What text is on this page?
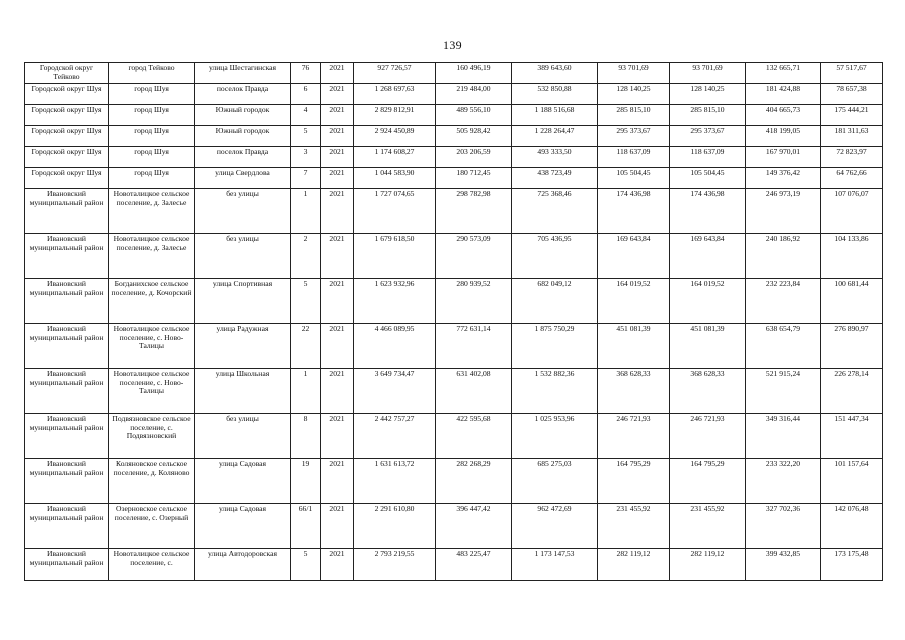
139
Городской округ Тейково	город Тейково	улица Шестагинская	76	2021	927 726,57	160 496,19	389 643,60	93 701,69	93 701,69	132 665,71	57 517,67
Городской округ Шуя	город Шуя	поселок Правда	6	2021	1 268 697,63	219 484,00	532 850,88	128 140,25	128 140,25	181 424,88	78 657,38
Городской округ Шуя	город Шуя	Южный городок	4	2021	2 829 812,91	489 556,10	1 188 516,68	285 815,10	285 815,10	404 665,73	175 444,21
Городской округ Шуя	город Шуя	Южный городок	5	2021	2 924 450,89	505 928,42	1 228 264,47	295 373,67	295 373,67	418 199,05	181 311,63
Городской округ Шуя	город Шуя	поселок Правда	3	2021	1 174 608,27	203 206,59	493 333,50	118 637,09	118 637,09	167 970,01	72 823,97
Городской округ Шуя	город Шуя	улица Свердлова	7	2021	1 044 583,90	180 712,45	438 723,49	105 504,45	105 504,45	149 376,42	64 762,66
Ивановский муниципальный район	Новоталицкое сельское поселение, д. Залесье	без улицы	1	2021	1 727 074,65	298 782,98	725 368,46	174 436,98	174 436,98	246 973,19	107 076,07
Ивановский муниципальный район	Новоталицкое сельское поселение, д. Залесье	без улицы	2	2021	1 679 618,50	290 573,09	705 436,95	169 643,84	169 643,84	240 186,92	104 133,86
Ивановский муниципальный район	Богданихское сельское поселение, д. Кочорский	улица Спортивная	5	2021	1 623 932,96	280 939,52	682 049,12	164 019,52	164 019,52	232 223,84	100 681,44
Ивановский муниципальный район	Новоталицкое сельское поселение, с. Ново-Талицы	улица Радужная	22	2021	4 466 089,95	772 631,14	1 875 750,29	451 081,39	451 081,39	638 654,79	276 890,97
Ивановский муниципальный район	Новоталицкое сельское поселение, с. Ново-Талицы	улица Школьная	1	2021	3 649 734,47	631 402,08	1 532 882,36	368 628,33	368 628,33	521 915,24	226 278,14
Ивановский муниципальный район	Подвязновское сельское поселение, с. Подвязновский	без улицы	8	2021	2 442 757,27	422 595,68	1 025 953,96	246 721,93	246 721,93	349 316,44	151 447,34
Ивановский муниципальный район	Коляновское сельское поселение, д. Коляново	улица Садовая	19	2021	1 631 613,72	282 268,29	685 275,03	164 795,29	164 795,29	233 322,20	101 157,64
Ивановский муниципальный район	Озерновское сельское поселение, с. Озерный	улица Садовая	66/1	2021	2 291 610,80	396 447,42	962 472,69	231 455,92	231 455,92	327 702,36	142 076,48
Ивановский муниципальный район	Новоталицкое сельское поселение, с.	улица Автодоровская	5	2021	2 793 219,55	483 225,47	1 173 147,53	282 119,12	282 119,12	399 432,85	173 175,48
